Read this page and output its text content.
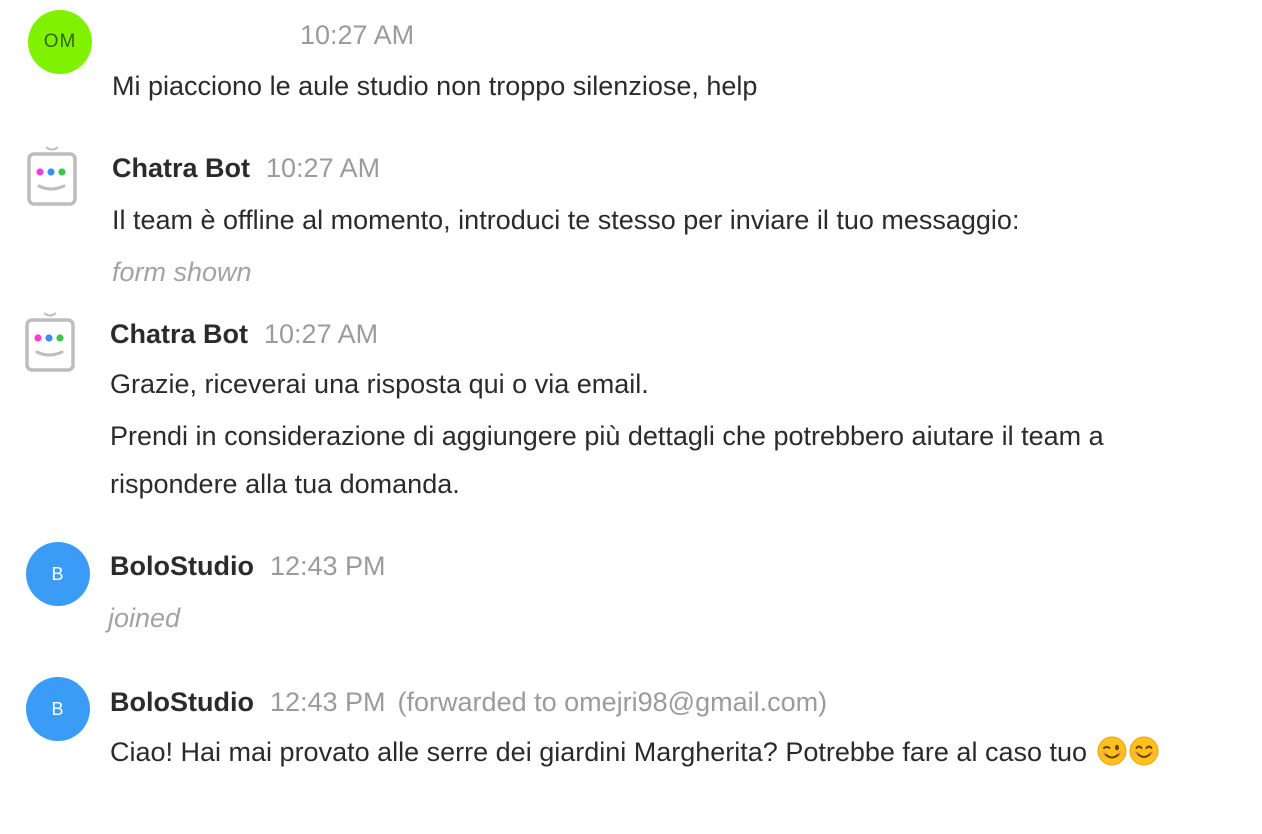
OM	10:27 AM
Mi piacciono le aule studio non troppo silenziose, help
Chatra Bot 10:27 AM
Il team è offline al momento, introduci te stesso per inviare il tuo messaggio:
form shown
Chatra Bot 10:27 AM
Grazie, riceverai una risposta qui o via email.
Prendi in considerazione di aggiungere più dettagli che potrebbero aiutare il team a rispondere alla tua domanda.
B BoloStudio 12:43 PM
joined
B BoloStudio 12:43 PM (forwarded to omejri98@gmail.com)
Ciao! Hai mai provato alle serre dei giardini Margherita? Potrebbe fare al caso tuo
